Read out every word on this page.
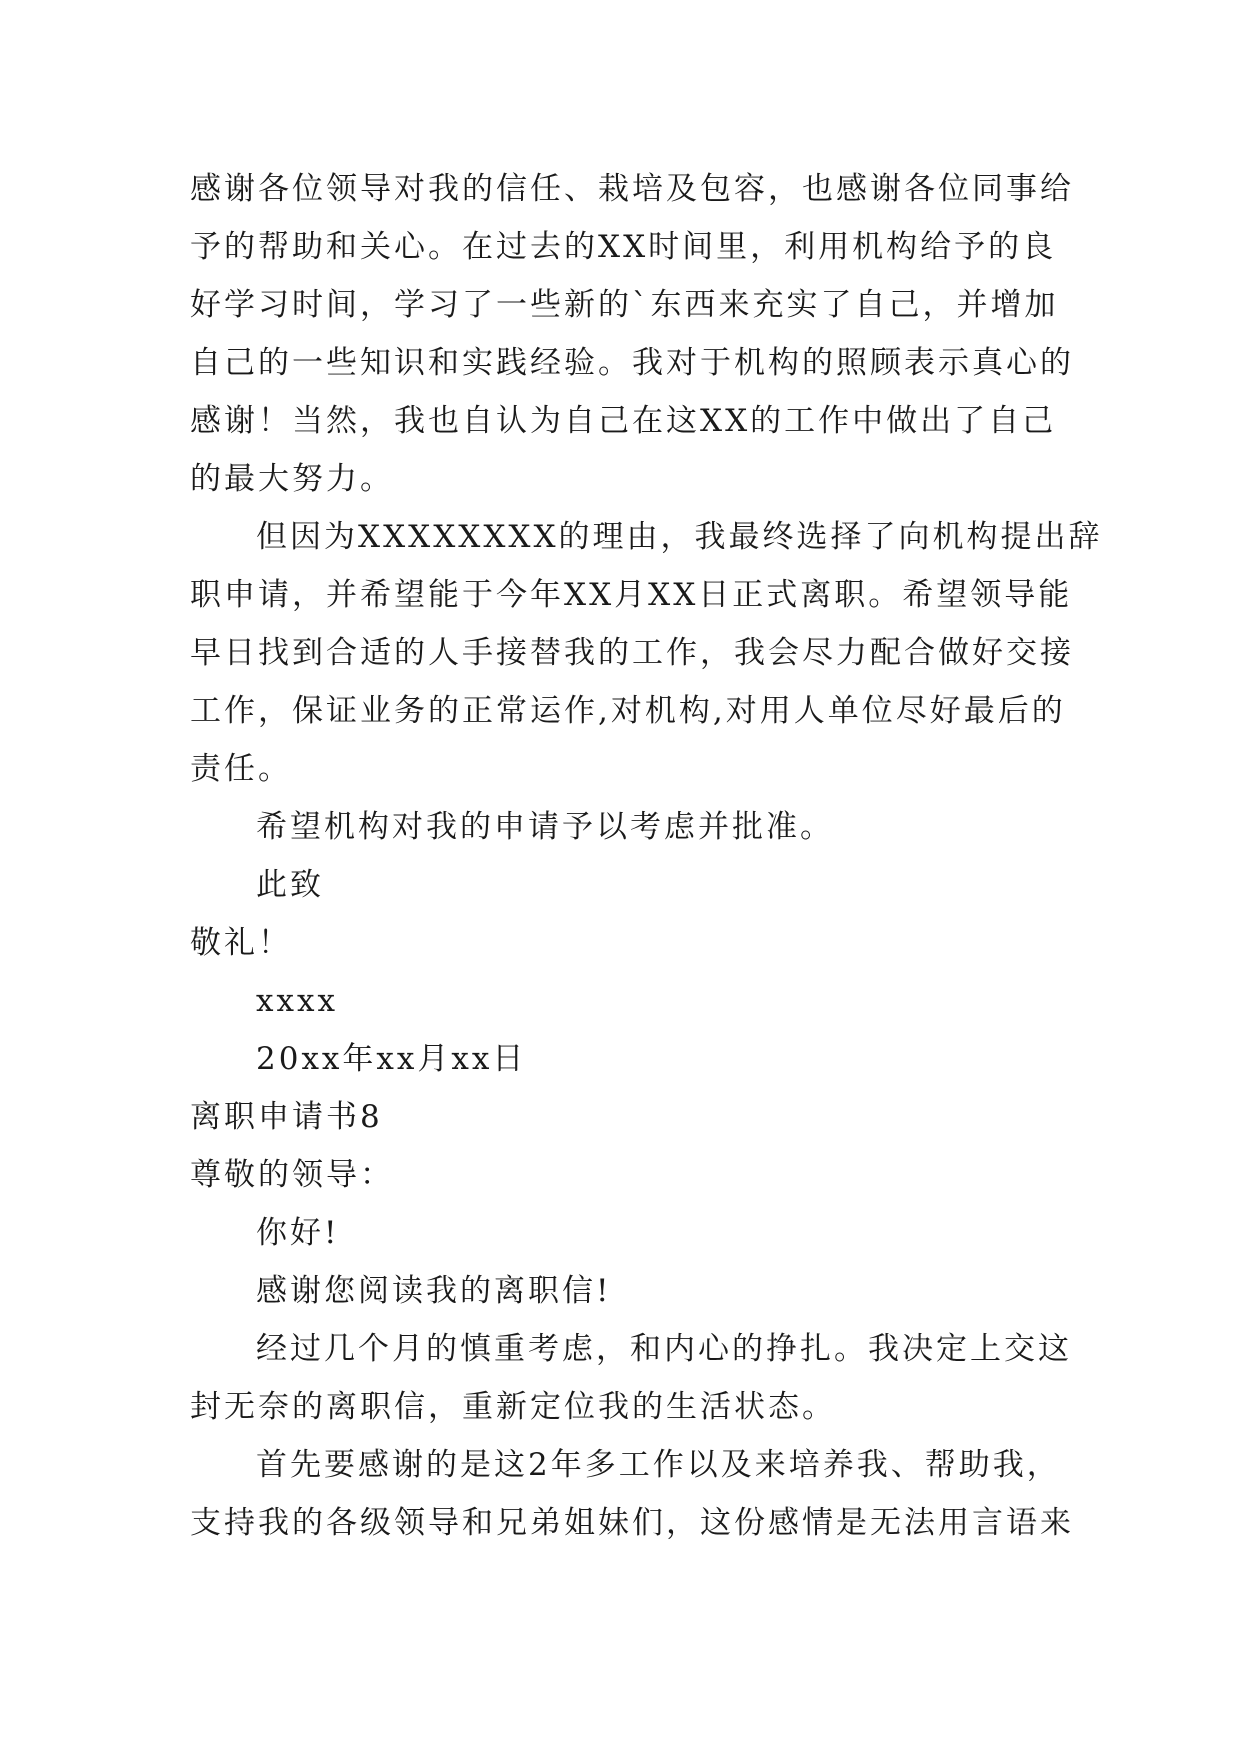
感谢各位领导对我的信任、栽培及包容，也感谢各位同事给
予的帮助和关心。在过去的XX时间里，利用机构给予的良
好学习时间，学习了一些新的`东西来充实了自己，并增加
自己的一些知识和实践经验。我对于机构的照顾表示真心的
感谢！当然，我也自认为自己在这XX的工作中做出了自己
的最大努力。
但因为XXXXXXXX的理由，我最终选择了向机构提出辞
职申请，并希望能于今年XX月XX日正式离职。希望领导能
早日找到合适的人手接替我的工作，我会尽力配合做好交接
工作，保证业务的正常运作,对机构,对用人单位尽好最后的
责任。
希望机构对我的申请予以考虑并批准。
此致
敬礼！
xxxx
20xx年xx月xx日
离职申请书8
尊敬的领导：
你好!
感谢您阅读我的离职信!
经过几个月的慎重考虑，和内心的挣扎。我决定上交这
封无奈的离职信，重新定位我的生活状态。
首先要感谢的是这2年多工作以及来培养我、帮助我，
支持我的各级领导和兄弟姐妹们，这份感情是无法用言语来
